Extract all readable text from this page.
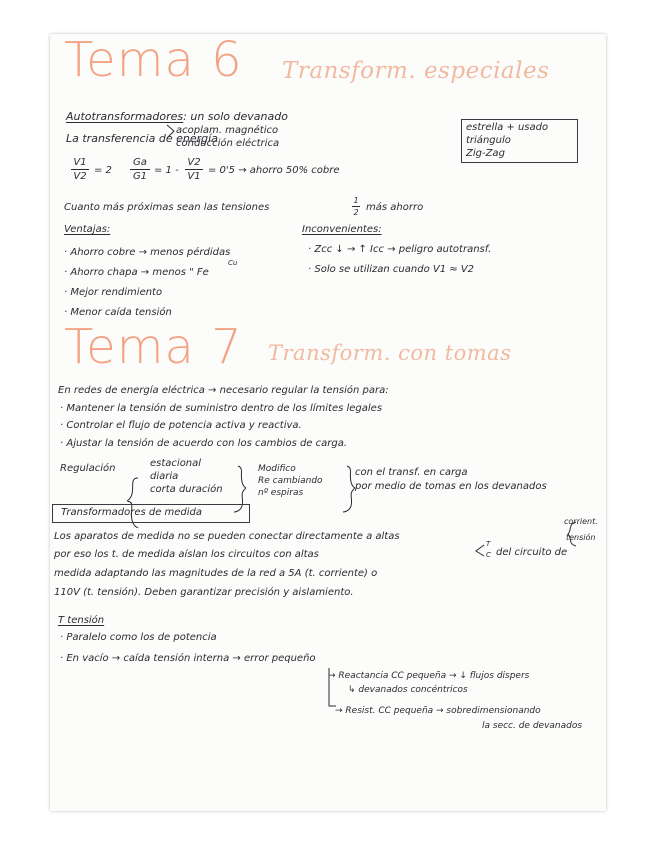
Tema 6 Transform. especiales
Autotransformadores: un solo devanado
La transferencia de energía
acoplam. magnético
conducción eléctrica
estrella + usado
triángulo
Zig-Zag
V1
V2
= 2
Ga
G1
= 1 -
V2
V1
= 0'5 → ahorro 50% cobre
Cuanto más próximas sean las tensiones
1
2 más ahorro
Ventajas:
· Ahorro cobre → menos pérdidas
Cu
· Ahorro chapa → menos " Fe
· Mejor rendimiento
· Menor caída tensión
Inconvenientes:
· Zcc ↓ → ↑ Icc → peligro autotransf.
· Solo se utilizan cuando V1 ≈ V2
Tema 7 Transform. con tomas
En redes de energía eléctrica → necesario regular la tensión para:
· Mantener la tensión de suministro dentro de los límites legales
· Controlar el flujo de potencia activa y reactiva.
· Ajustar la tensión de acuerdo con los cambios de carga.
Regulación	estacional
diaria
corta duración
Modifico
Re cambiando
nº espiras
con el transf. en carga
por medio de tomas en los devanados
Transformadores de medida
corrient.
tensión
Los aparatos de medida no se pueden conectar directamente a altas
por eso los t. de medida aíslan los circuitos con altas
T
C del circuito de
medida adaptando las magnitudes de la red a 5A (t. corriente) o
110V (t. tensión). Deben garantizar precisión y aislamiento.
T tensión
· Paralelo como los de potencia
· En vacío → caída tensión interna → error pequeño
→ Reactancia CC pequeña → ↓ flujos dispers
↳ devanados concéntricos
→ Resist. CC pequeña → sobredimensionando
la secc. de devanados
